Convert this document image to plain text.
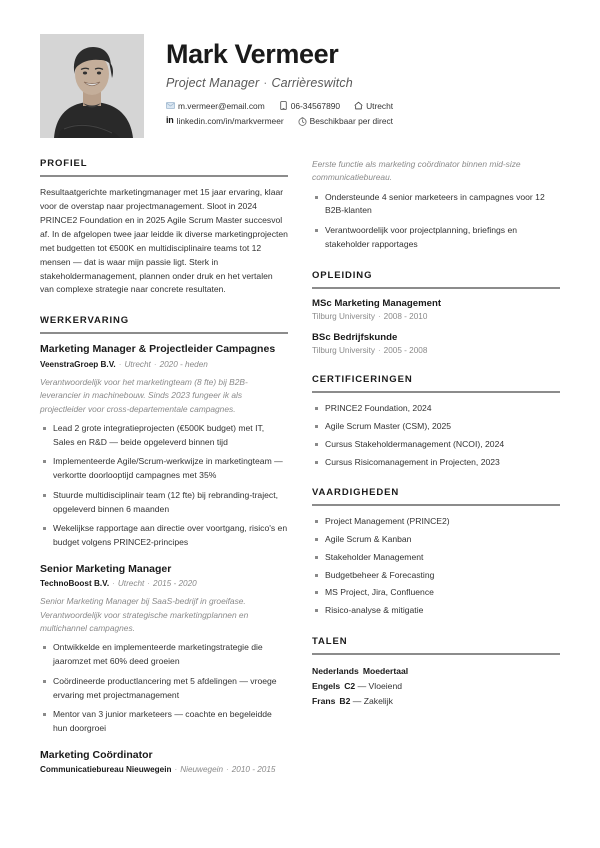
Mark Vermeer
Project Manager · Carrièreswitch
m.vermeer@email.com	06-34567890	Utrecht
in linkedin.com/in/markvermeer	Beschikbaar per direct
PROFIEL

Resultaatgerichte marketingmanager met 15 jaar ervaring, klaar voor de overstap naar projectmanagement. Sloot in 2024 PRINCE2 Foundation en in 2025 Agile Scrum Master succesvol af. In de afgelopen twee jaar leidde ik diverse marketingprojecten met budgetten tot €500K en multidisciplinaire teams tot 12 mensen — dat is waar mijn passie ligt. Sterk in stakeholdermanagement, plannen onder druk en het vertalen van complexe strategie naar concrete resultaten.

WERKERVARING
Marketing Manager & Projectleider Campagnes
VeenstraGroep B.V. · Utrecht · 2020 - heden

Verantwoordelijk voor het marketingteam (8 fte) bij B2B-leverancier in machinebouw. Sinds 2023 fungeer ik als projectleider voor cross-departementale campagnes.

Lead 2 grote integratieprojecten (€500K budget) met IT, Sales en R&D — beide opgeleverd binnen tijd
Implementeerde Agile/Scrum-werkwijze in marketingteam — verkortte doorlooptijd campagnes met 35%
Stuurde multidisciplinair team (12 fte) bij rebranding-traject, opgeleverd binnen 6 maanden
Wekelijkse rapportage aan directie over voortgang, risico's en budget volgens PRINCE2-principes
Senior Marketing Manager
TechnoBoost B.V. · Utrecht · 2015 - 2020

Senior Marketing Manager bij SaaS-bedrijf in groeifase. Verantwoordelijk voor strategische marketingplannen en multichannel campagnes.

Ontwikkelde en implementeerde marketingstrategie die jaaromzet met 60% deed groeien
Coördineerde productlancering met 5 afdelingen — vroege ervaring met projectmanagement
Mentor van 3 junior marketeers — coachte en begeleidde hun doorgroei
Marketing Coördinator
Communicatiebureau Nieuwegein · Nieuwegein · 2010 - 2015

Eerste functie als marketing coördinator binnen mid-size communicatiebureau.

Ondersteunde 4 senior marketeers in campagnes voor 12 B2B-klanten
Verantwoordelijk voor projectplanning, briefings en stakeholder rapportages
OPLEIDING
MSc Marketing Management
Tilburg University · 2008 - 2010
BSc Bedrijfskunde
Tilburg University · 2005 - 2008
CERTIFICERINGEN
PRINCE2 Foundation, 2024
Agile Scrum Master (CSM), 2025
Cursus Stakeholdermanagement (NCOI), 2024
Cursus Risicomanagement in Projecten, 2023
VAARDIGHEDEN
Project Management (PRINCE2)
Agile Scrum & Kanban
Stakeholder Management
Budgetbeheer & Forecasting
MS Project, Jira, Confluence
Risico-analyse & mitigatie
TALEN
Nederlands Moedertaal
Engels C2 — Vloeiend
Frans B2 — Zakelijk
